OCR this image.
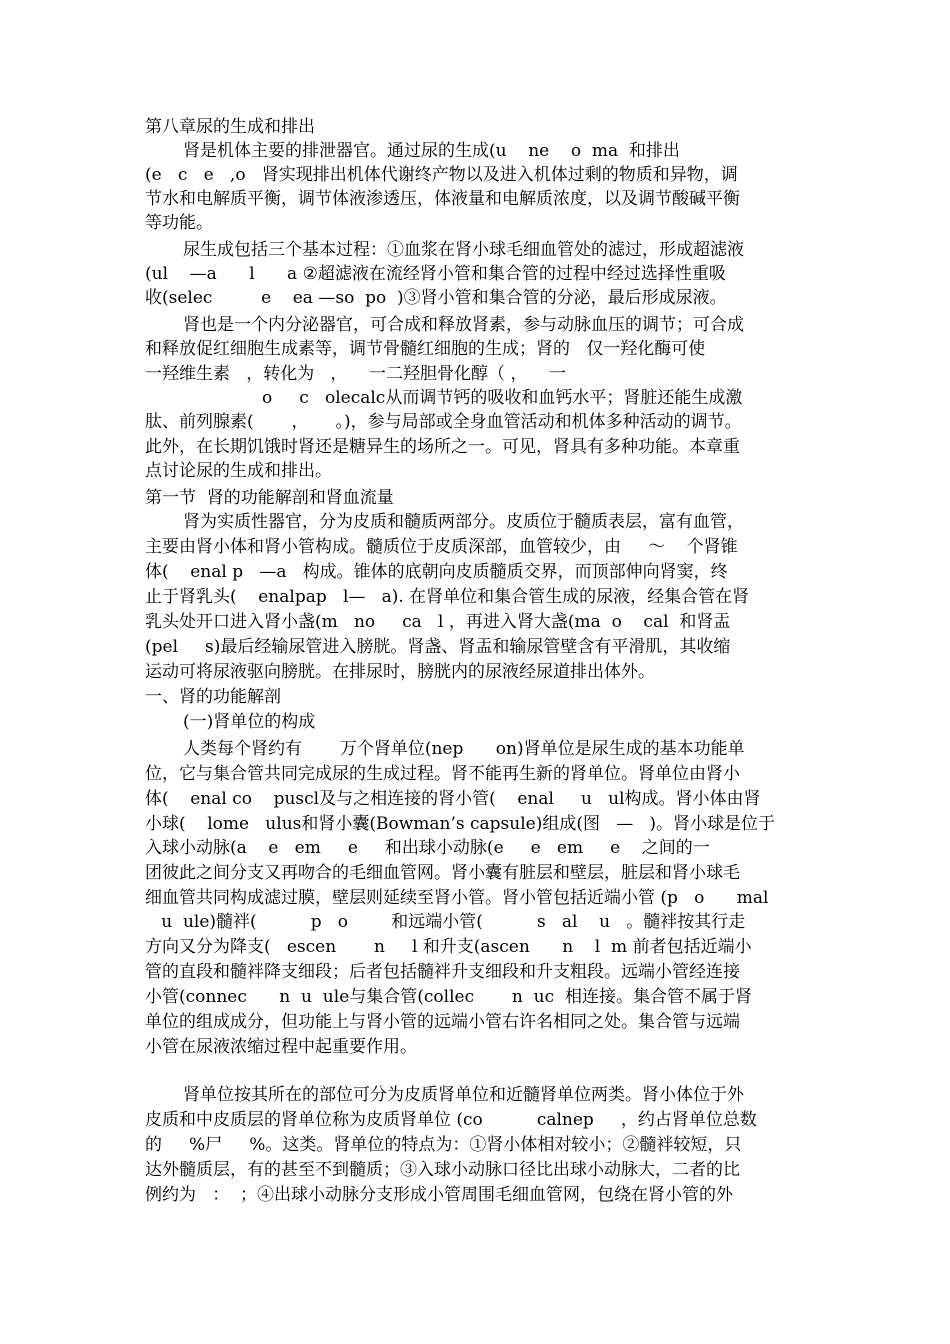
第八章尿的生成和排出
肾是机体主要的排泄器官。通过尿的生成(u    ne    o  ma  和排出
(e   c   e   ,o   肾实现排出机体代谢终产物以及进入机体过剩的物质和异物，调
节水和电解质平衡，调节体液渗透压，体液量和电解质浓度，以及调节酸碱平衡
等功能。
尿生成包括三个基本过程：①血浆在肾小球毛细血管处的滤过，形成超滤液
(ul    —a      l      a ②超滤液在流经肾小管和集合管的过程中经过选择性重吸
收(selec         e    ea —so  po  )③肾小管和集合管的分泌，最后形成尿液。
肾也是一个内分泌器官，可合成和释放肾素，参与动脉血压的调节；可合成
和释放促红细胞生成素等，调节骨髓红细胞的生成；肾的   仅一羟化酶可使
一羟维生素   ，转化为   ，    一二羟胆骨化醇（ ，    一
o     c   olecalc从而调节钙的吸收和血钙水平；肾脏还能生成激
肽、前列腺素(       ，     。)，参与局部或全身血管活动和机体多种活动的调节。
此外，在长期饥饿时肾还是糖异生的场所之一。可见，肾具有多种功能。本章重
点讨论尿的生成和排出。
第一节  肾的功能解剖和肾血流量
肾为实质性器官，分为皮质和髓质两部分。皮质位于髓质表层，富有血管，
主要由肾小体和肾小管构成。髓质位于皮质深部，血管较少，由     ～    个肾锥
体(    enal p   —a   构成。锥体的底朝向皮质髓质交界，而顶部伸向肾窦，终
止于肾乳头(    enalpap   l—   a). 在肾单位和集合管生成的尿液，经集合管在肾
乳头处开口进入肾小盏(m   no     ca   l ，再进入肾大盏(ma  o    cal  和肾盂
(pel     s)最后经输尿管进入膀胱。肾盏、肾盂和输尿管壁含有平滑肌，其收缩
运动可将尿液驱向膀胱。在排尿时，膀胱内的尿液经尿道排出体外。
一、肾的功能解剖
(一)肾单位的构成
人类每个肾约有       万个肾单位(nep      on)肾单位是尿生成的基本功能单
位，它与集合管共同完成尿的生成过程。肾不能再生新的肾单位。肾单位由肾小
体(    enal co    puscl及与之相连接的肾小管(    enal     u   ul构成。肾小体由肾
小球(    lome   ulus和肾小囊(Bowman’s capsule)组成(图   —   )。肾小球是位于
入球小动脉(a    e   em     e     和出球小动脉(e     e   em     e    之间的一
团彼此之间分支又再吻合的毛细血管网。肾小囊有脏层和壁层，脏层和肾小球毛
细血管共同构成滤过膜，壁层则延续至肾小管。肾小管包括近端小管 (p   o      mal
u  ule)髓袢(          p   o        和远端小管(          s   al    u   。髓袢按其行走
方向又分为降支(   escen       n     l 和升支(ascen      n    l  m 前者包括近端小
管的直段和髓袢降支细段；后者包括髓袢升支细段和升支粗段。远端小管经连接
小管(connec      n  u  ule与集合管(collec       n  uc  相连接。集合管不属于肾
单位的组成成分，但功能上与肾小管的远端小管右许名相同之处。集合管与远端
小管在尿液浓缩过程中起重要作用。
肾单位按其所在的部位可分为皮质肾单位和近髓肾单位两类。肾小体位于外
皮质和中皮质层的肾单位称为皮质肾单位 (co          calnep     ，约占肾单位总数
的     %尸     %。这类。肾单位的特点为：①肾小体相对较小；②髓袢较短，只
达外髓质层，有的甚至不到髓质；③入球小动脉口径比出球小动脉大，二者的比
例约为   ：  ；④出球小动脉分支形成小管周围毛细血管网，包绕在肾小管的外
